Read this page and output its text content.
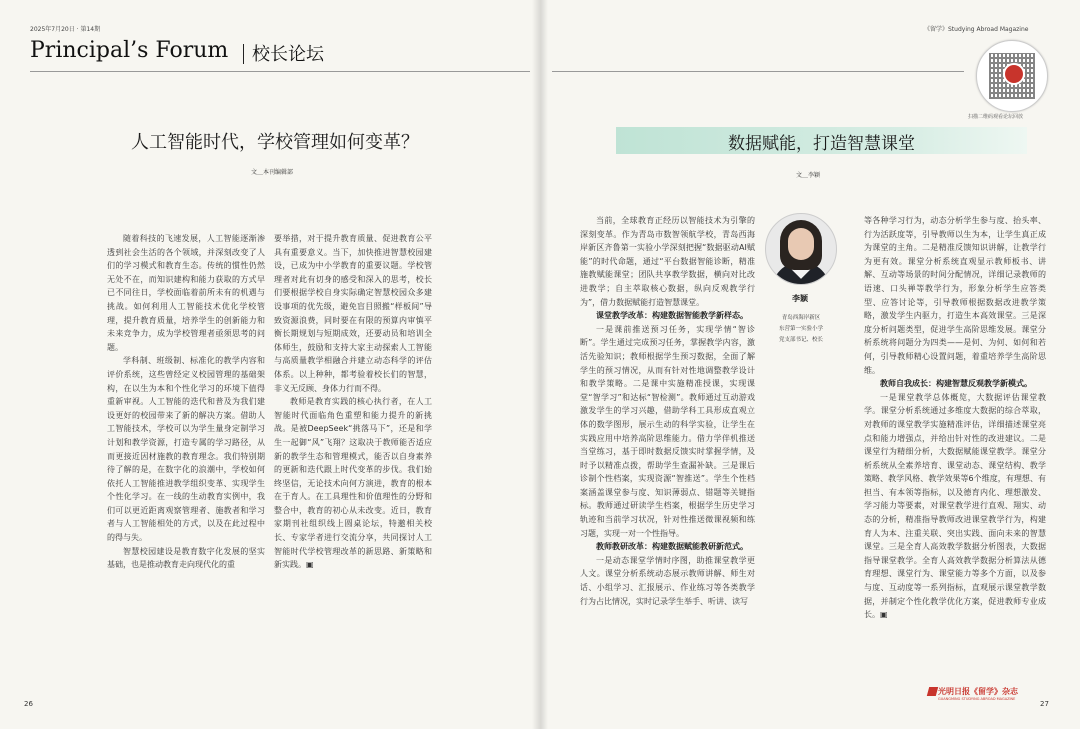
2025年7月20日 · 第14期	《留学》Studying Abroad Magazine
Principal’s Forum 校长论坛
扫描二维码观看论坛回放
人工智能时代，学校管理如何变革？
文＿本刊编辑部

随着科技的飞速发展，人工智能逐渐渗透到社会生活的各个领域，并深刻改变了人们的学习模式和教育生态。传统的惯性仍然无处不在，而知识建构和能力获取的方式早已不同往日，学校面临着前所未有的机遇与挑战。如何利用人工智能技术优化学校管理，提升教育质量，培养学生的创新能力和未来竞争力，成为学校管理者亟须思考的问题。

学科制、班级制、标准化的教学内容和评价系统，这些曾经定义校园管理的基础架构，在以生为本和个性化学习的环境下值得重新审视。人工智能的迭代和普及为我们建设更好的校园带来了新的解决方案。借助人工智能技术，学校可以为学生量身定制学习计划和教学资源，打造专属的学习路径，从而更接近因材施教的教育理念。我们特别期待了解的是，在数字化的浪潮中，学校如何依托人工智能推进教学组织变革、实现学生个性化学习。在一线的生动教育实例中，我们可以更近距离观察管理者、施教者和学习者与人工智能相处的方式，以及在此过程中的得与失。

智慧校园建设是教育数字化发展的坚实基础，也是推动教育走向现代化的重

要举措，对于提升教育质量、促进教育公平具有重要意义。当下，加快推进智慧校园建设，已成为中小学教育的重要议题。学校管理者对此有切身的感受和深入的思考，校长们要根据学校自身实际确定智慧校园众多建设事项的优先级，避免盲目照搬“样板间”导致资源浪费，同时要在有限的预算内审慎平衡长期规划与短期成效，还要动员和培训全体师生，鼓励和支持大家主动探索人工智能与高质量教学相融合并建立动态科学的评估体系。以上种种，都考验着校长们的智慧，非义无反顾、身体力行而不得。

教师是教育实践的核心执行者，在人工智能时代面临角色重塑和能力提升的新挑战。是被DeepSeek“挑落马下”，还是和学生一起御“风”飞翔？这取决于教师能否适应新的教学生态和管理模式，能否以自身素养的更新和迭代跟上时代变革的步伐。我们始终坚信，无论技术向何方演进，教育的根本在于育人。在工具理性和价值理性的分野和整合中，教育的初心从未改变。近日，教育家期刊社组织线上圆桌论坛，特邀相关校长、专家学者进行交流分享，共同探讨人工智能时代学校管理改革的新思路、新策略和新实践。▣

数据赋能，打造智慧课堂
文＿李颖

当前，全球教育正经历以智能技术为引擎的深刻变革。作为青岛市数智领航学校，青岛西海岸新区齐鲁第一实验小学深刻把握“数据驱动AI赋能”的时代命题，通过“平台数据智能诊断，精准施教赋能课堂；团队共享教学数据，横向对比改进教学；自主萃取核心数据，纵向反观教学行为”，借力数据赋能打造智慧课堂。

课堂教学改革：构建数据智能教学新样态。

一是课前推送预习任务，实现学情“智诊断”。学生通过完成预习任务，掌握教学内容，激活先验知识；教师根据学生预习数据，全面了解学生的预习情况，从而有针对性地调整教学设计和教学策略。二是课中实施精准授课，实现课堂“智学习”和达标“智检测”。教师通过互动游戏激发学生的学习兴趣，借助学科工具形成直观立体的数学图形，展示生动的科学实验，让学生在实践应用中培养高阶思维能力。借力学伴机推送当堂练习，基于即时数据反馈实时掌握学情，及时予以精准点拨，帮助学生查漏补缺。三是课后诊制个性档案，实现资源“智推送”。学生个性档案涵盖课堂参与度、知识薄弱点、错题等关键指标。教师通过研读学生档案，根据学生历史学习轨迹和当前学习状况，针对性推送微课视频和练习题，实现一对一个性指导。

教师教研改革：构建数据赋能教研新范式。

一是动态课堂学情时序图，助推课堂教学更人文。课堂分析系统动态展示教师讲解、师生对话、小组学习、汇报展示、作业练习等各类教学行为占比情况，实时记录学生举手、听讲、读写

李颖
青岛西海岸新区
东营第一实验小学
党支部书记、校长

等各种学习行为，动态分析学生参与度、抬头率、行为活跃度等，引导教师以生为本，让学生真正成为课堂的主角。二是精准反馈知识讲解，让教学行为更有效。课堂分析系统直观显示教师板书、讲解、互动等场景的时间分配情况，详细记录教师的语速、口头禅等教学行为，形象分析学生应答类型、应答讨论等，引导教师根据数据改进教学策略，激发学生内驱力，打造生本高效课堂。三是深度分析问题类型，促进学生高阶思维发展。课堂分析系统将问题分为四类——是何、为何、如何和若何，引导教师精心设置问题，着重培养学生高阶思维。

教师自我成长：构建智慧反观教学新模式。

一是课堂教学总体概览，大数据评估课堂教学。课堂分析系统通过多维度大数据的综合萃取，对教师的课堂教学实施精准评估，详细描述课堂亮点和能力增强点，并给出针对性的改进建议。二是课堂行为精细分析，大数据赋能课堂教学。课堂分析系统从全素养培育、课堂动态、课堂结构、教学策略、教学风格、教学效果等6个维度，有理想、有担当、有本领等指标，以及德育内化、理想激发、学习能力等要素，对课堂教学进行直观、翔实、动态的分析，精准指导教师改进课堂教学行为，构建育人为本、注重关联、突出实践、面向未来的智慧课堂。三是全育人高效教学数据分析图表，大数据指导课堂教学。全育人高效教学数据分析算法从德育理想、课堂行为、课堂能力等多个方面，以及参与度、互动度等一系列指标，直观展示课堂教学数据，并制定个性化教学优化方案，促进教师专业成长。▣

26	27
光明日报《留学》杂志
GUANGMING STUDYING ABROAD MAGAZINE
